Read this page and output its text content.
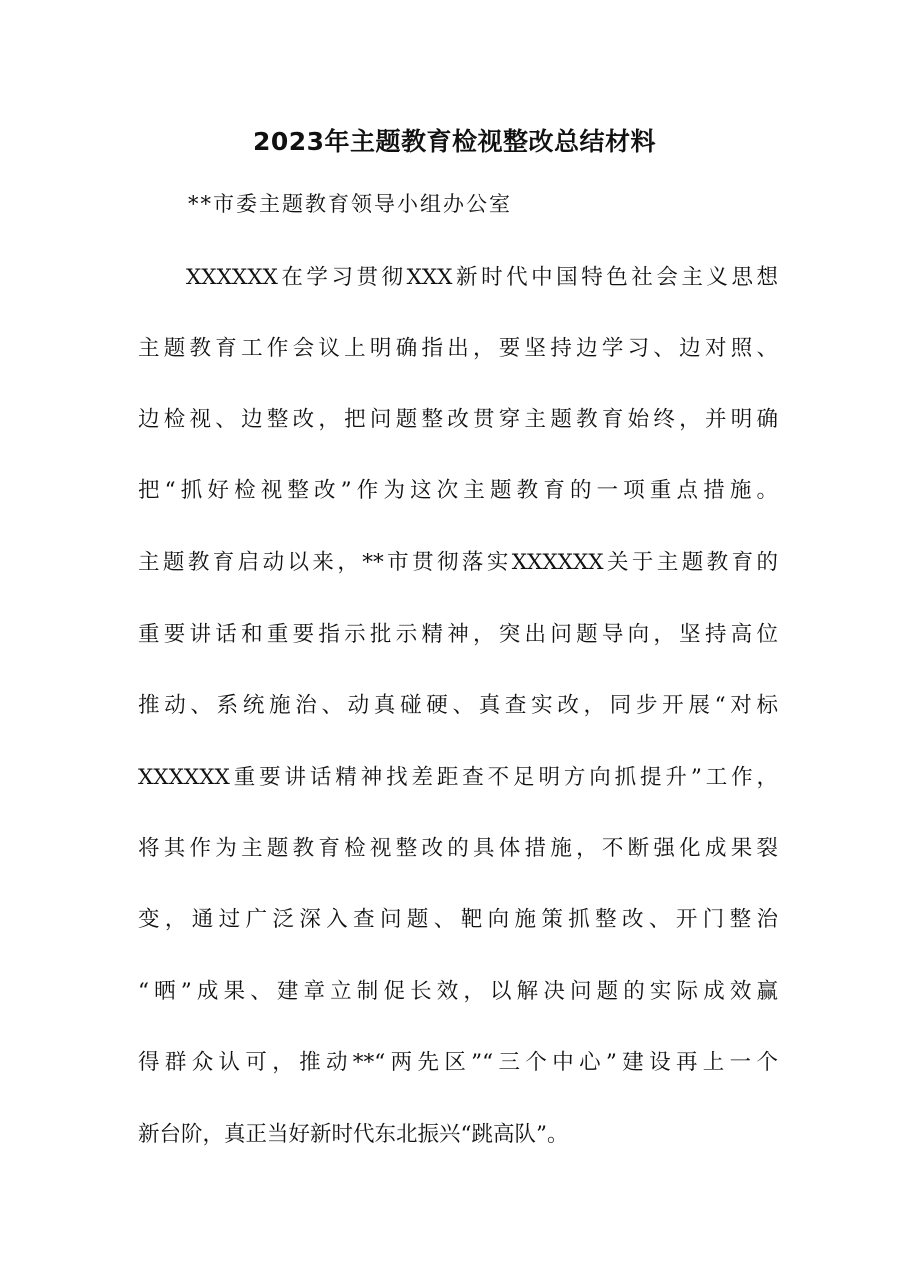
2023年主题教育检视整改总结材料
**市委主题教育领导小组办公室
XXXXXX在学习贯彻XXX新时代中国特色社会主义思想
主题教育工作会议上明确指出，要坚持边学习、边对照、
边检视、边整改，把问题整改贯穿主题教育始终，并明确
把“抓好检视整改”作为这次主题教育的一项重点措施。
主题教育启动以来，**市贯彻落实XXXXXX关于主题教育的
重要讲话和重要指示批示精神，突出问题导向，坚持高位
推动、系统施治、动真碰硬、真查实改，同步开展“对标
XXXXXX重要讲话精神找差距查不足明方向抓提升”工作，
将其作为主题教育检视整改的具体措施，不断强化成果裂
变，通过广泛深入查问题、靶向施策抓整改、开门整治
“晒”成果、建章立制促长效，以解决问题的实际成效赢
得群众认可，推动**“两先区”“三个中心”建设再上一个
新台阶，真正当好新时代东北振兴“跳高队”。
